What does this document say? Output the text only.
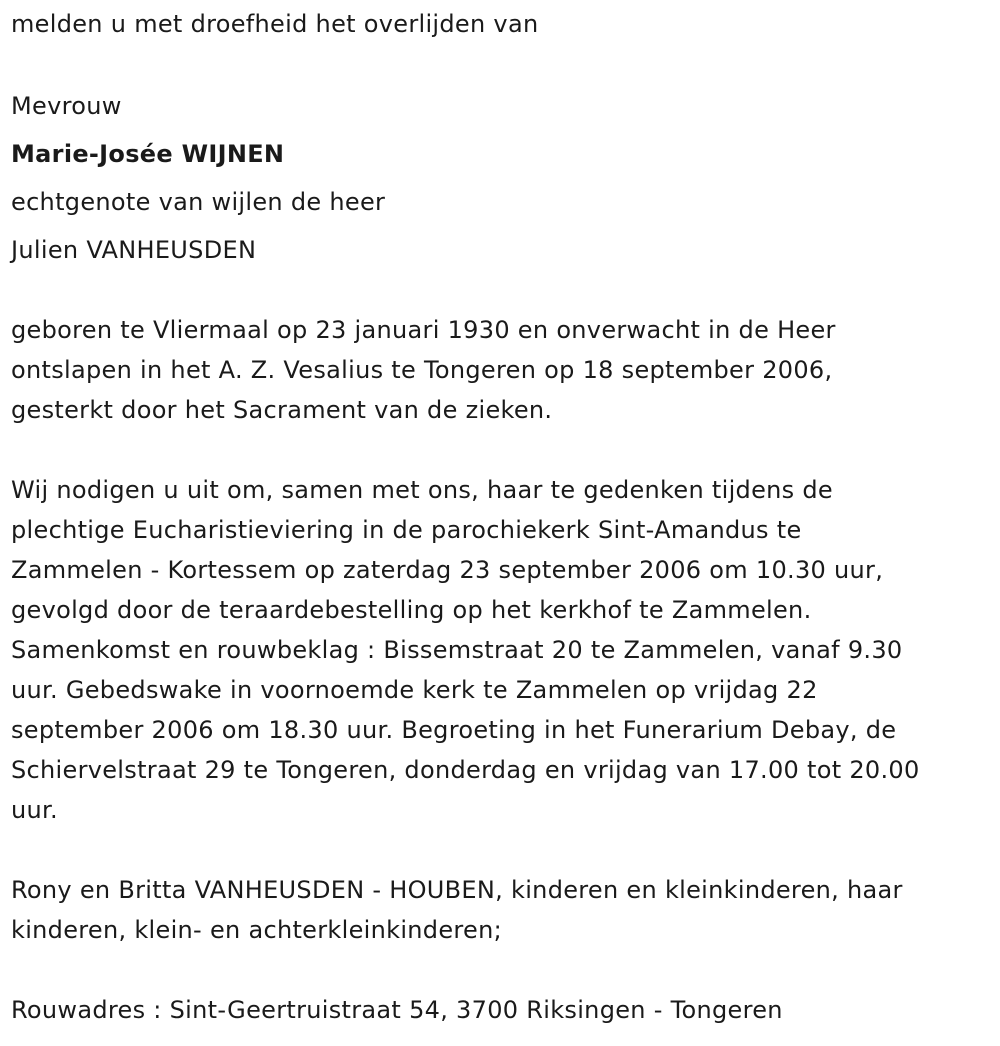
melden u met droefheid het overlijden van
Mevrouw
Marie-Josée WIJNEN
echtgenote van wijlen de heer
Julien VANHEUSDEN
geboren te Vliermaal op 23 januari 1930 en onverwacht in de Heer
ontslapen in het A. Z. Vesalius te Tongeren op 18 september 2006,
gesterkt door het Sacrament van de zieken.
Wij nodigen u uit om, samen met ons, haar te gedenken tijdens de
plechtige Eucharistieviering in de parochiekerk Sint-Amandus te
Zammelen - Kortessem op zaterdag 23 september 2006 om 10.30 uur,
gevolgd door de teraardebestelling op het kerkhof te Zammelen.
Samenkomst en rouwbeklag : Bissemstraat 20 te Zammelen, vanaf 9.30
uur. Gebedswake in voornoemde kerk te Zammelen op vrijdag 22
september 2006 om 18.30 uur. Begroeting in het Funerarium Debay, de
Schiervelstraat 29 te Tongeren, donderdag en vrijdag van 17.00 tot 20.00
uur.
Rony en Britta VANHEUSDEN - HOUBEN, kinderen en kleinkinderen, haar
kinderen, klein- en achterkleinkinderen;
Rouwadres : Sint-Geertruistraat 54, 3700 Riksingen - Tongeren
